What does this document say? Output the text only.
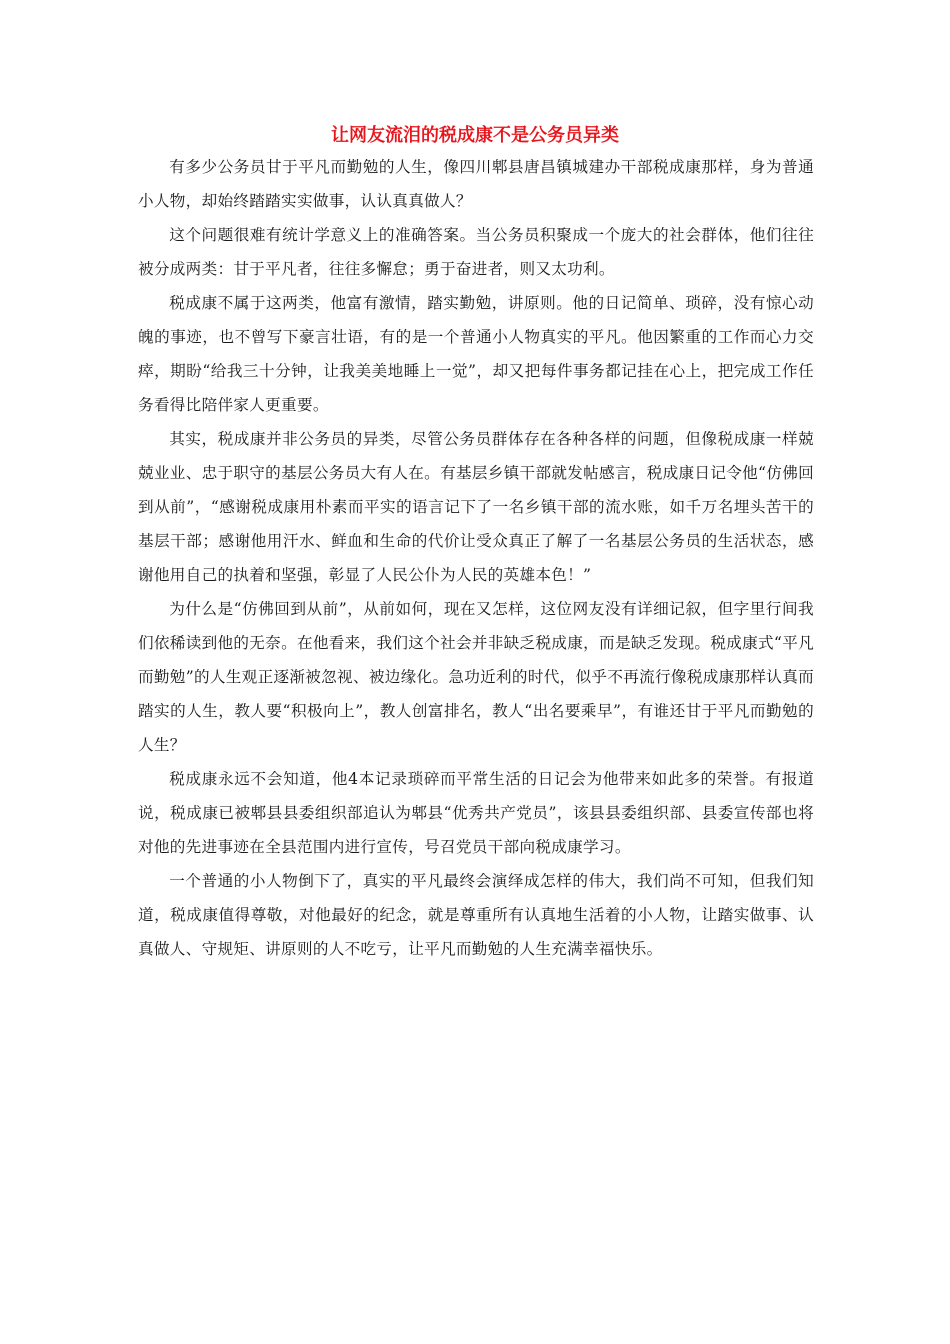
让网友流泪的税成康不是公务员异类

有多少公务员甘于平凡而勤勉的人生，像四川郫县唐昌镇城建办干部税成康那样，身为普通小人物，却始终踏踏实实做事，认认真真做人？

这个问题很难有统计学意义上的准确答案。当公务员积聚成一个庞大的社会群体，他们往往被分成两类：甘于平凡者，往往多懈怠；勇于奋进者，则又太功利。

税成康不属于这两类，他富有激情，踏实勤勉，讲原则。他的日记简单、琐碎，没有惊心动魄的事迹，也不曾写下豪言壮语，有的是一个普通小人物真实的平凡。他因繁重的工作而心力交瘁，期盼“给我三十分钟，让我美美地睡上一觉”，却又把每件事务都记挂在心上，把完成工作任务看得比陪伴家人更重要。

其实，税成康并非公务员的异类，尽管公务员群体存在各种各样的问题，但像税成康一样兢兢业业、忠于职守的基层公务员大有人在。有基层乡镇干部就发帖感言，税成康日记令他“仿佛回到从前”，“感谢税成康用朴素而平实的语言记下了一名乡镇干部的流水账，如千万名埋头苦干的基层干部；感谢他用汗水、鲜血和生命的代价让受众真正了解了一名基层公务员的生活状态，感谢他用自己的执着和坚强，彰显了人民公仆为人民的英雄本色！”

为什么是“仿佛回到从前”，从前如何，现在又怎样，这位网友没有详细记叙，但字里行间我们依稀读到他的无奈。在他看来，我们这个社会并非缺乏税成康，而是缺乏发现。税成康式“平凡而勤勉”的人生观正逐渐被忽视、被边缘化。急功近利的时代，似乎不再流行像税成康那样认真而踏实的人生，教人要“积极向上”，教人创富排名，教人“出名要乘早”，有谁还甘于平凡而勤勉的人生？

税成康永远不会知道，他4本记录琐碎而平常生活的日记会为他带来如此多的荣誉。有报道说，税成康已被郫县县委组织部追认为郫县“优秀共产党员”，该县县委组织部、县委宣传部也将对他的先进事迹在全县范围内进行宣传，号召党员干部向税成康学习。

一个普通的小人物倒下了，真实的平凡最终会演绎成怎样的伟大，我们尚不可知，但我们知道，税成康值得尊敬，对他最好的纪念，就是尊重所有认真地生活着的小人物，让踏实做事、认真做人、守规矩、讲原则的人不吃亏，让平凡而勤勉的人生充满幸福快乐。
